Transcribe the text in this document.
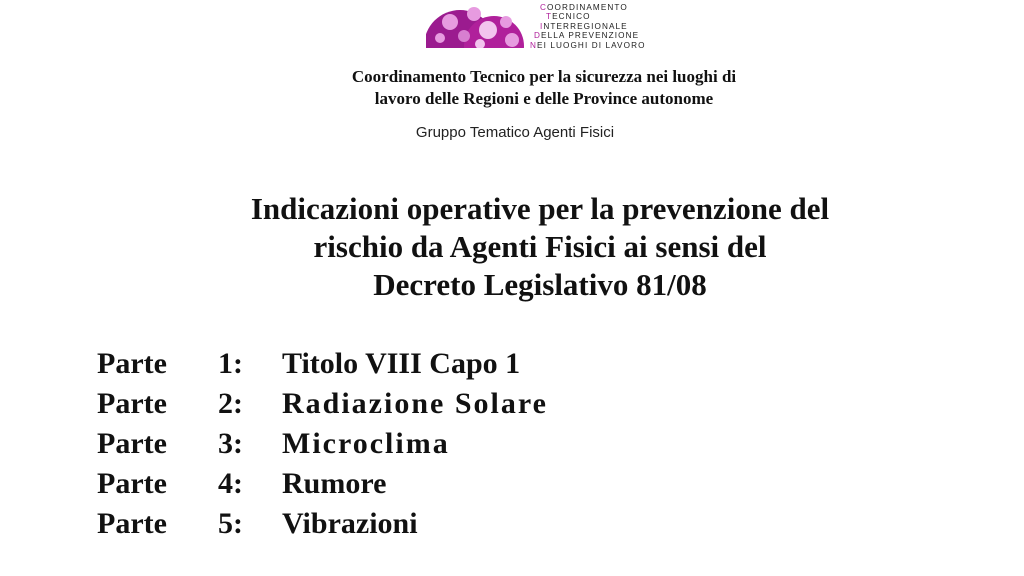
COORDINAMENTO
TECNICO
INTERREGIONALE
DELLA PREVENZIONE
NEI LUOGHI DI LAVORO
Coordinamento Tecnico per la sicurezza nei luoghi di
lavoro delle Regioni e delle Province autonome
Gruppo Tematico Agenti Fisici
Indicazioni operative per la prevenzione del
rischio da Agenti Fisici ai sensi del
Decreto Legislativo 81/08
Parte 1: Titolo VIII Capo 1
Parte 2: Radiazione Solare
Parte 3: Microclima
Parte 4: Rumore
Parte 5: Vibrazioni
